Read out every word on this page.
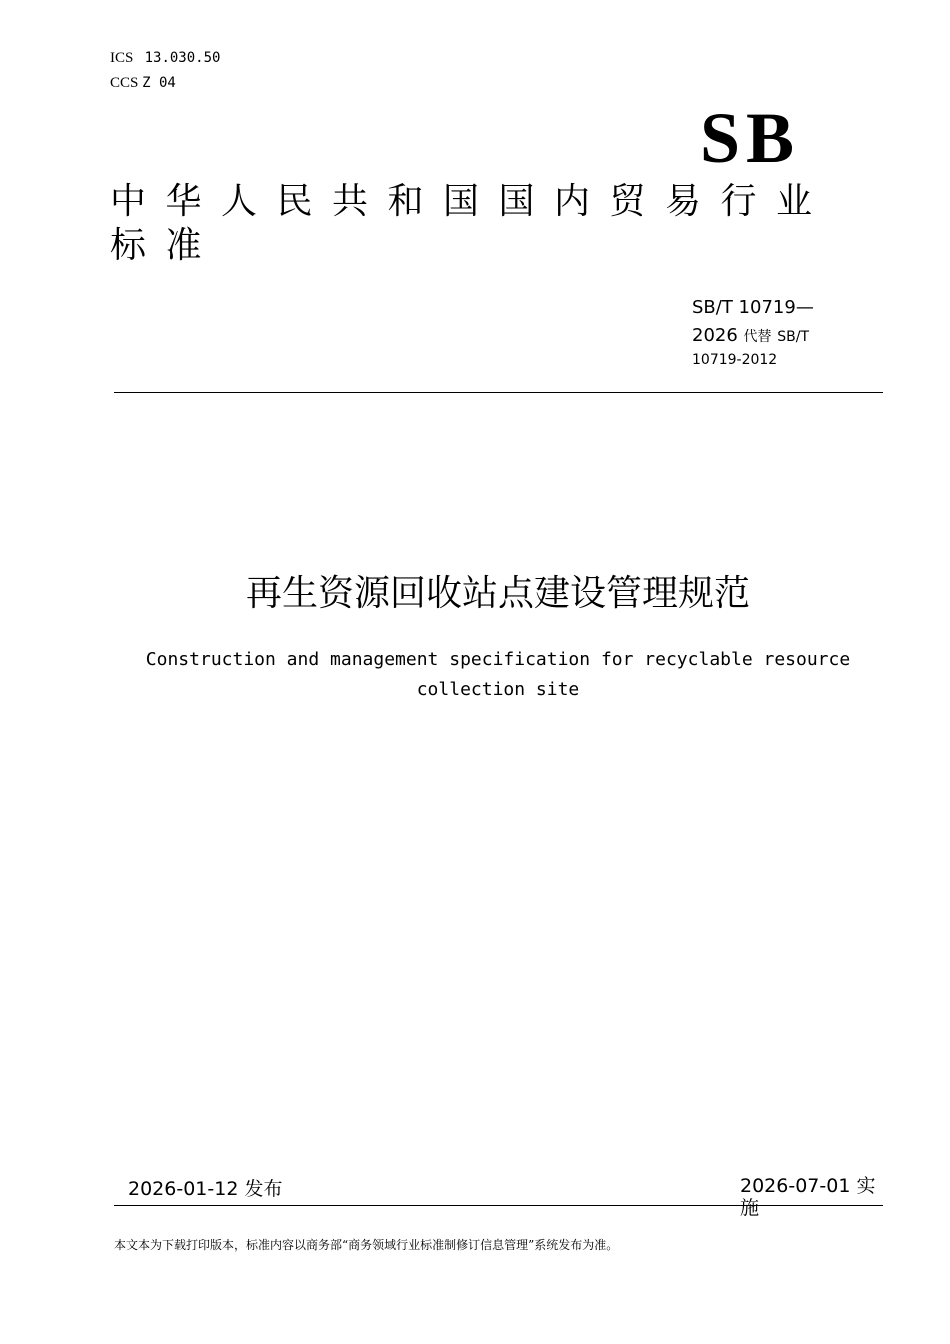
ICS 13.030.50
CCS Z 04
SB
中华人民共和国国内贸易行业标准
SB/T 10719—
2026 代替 SB/T
10719-2012
再生资源回收站点建设管理规范
Construction and management specification for recyclable resource collection site
2026-01-12 发布	2026-07-01 实施
本文本为下载打印版本，标准内容以商务部“商务领域行业标准制修订信息管理”系统发布为准。
